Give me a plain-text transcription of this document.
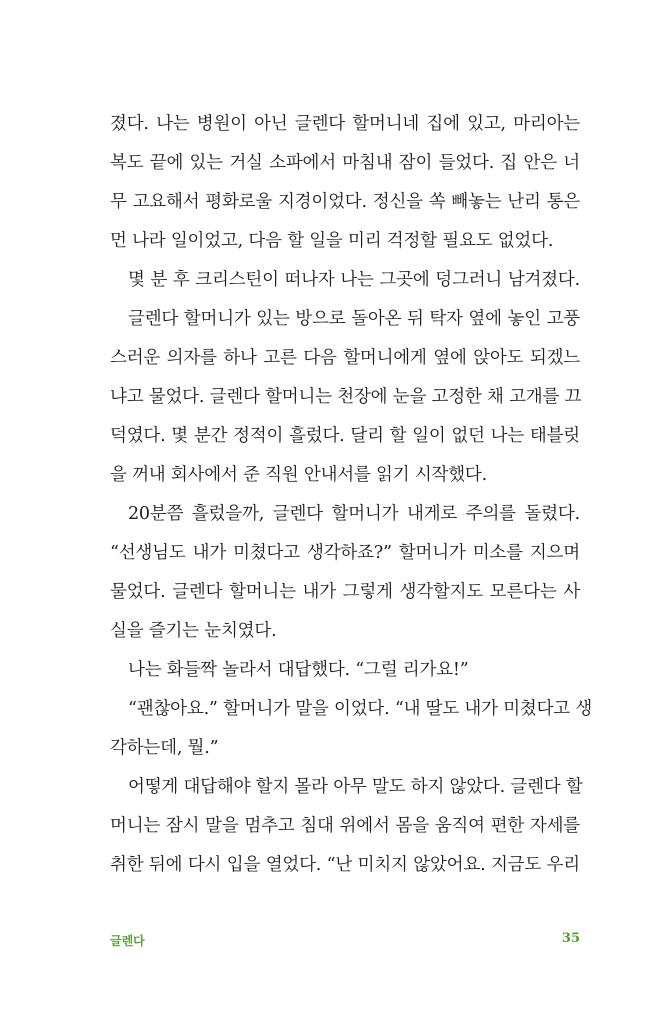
졌다. 나는 병원이 아닌 글렌다 할머니네 집에 있고, 마리아는
복도 끝에 있는 거실 소파에서 마침내 잠이 들었다. 집 안은 너
무 고요해서 평화로울 지경이었다. 정신을 쏙 빼놓는 난리 통은
먼 나라 일이었고, 다음 할 일을 미리 걱정할 필요도 없었다.
몇 분 후 크리스틴이 떠나자 나는 그곳에 덩그러니 남겨졌다.
글렌다 할머니가 있는 방으로 돌아온 뒤 탁자 옆에 놓인 고풍
스러운 의자를 하나 고른 다음 할머니에게 옆에 앉아도 되겠느
냐고 물었다. 글렌다 할머니는 천장에 눈을 고정한 채 고개를 끄
덕였다. 몇 분간 정적이 흘렀다. 달리 할 일이 없던 나는 태블릿
을 꺼내 회사에서 준 직원 안내서를 읽기 시작했다.
20분쯤 흘렀을까, 글렌다 할머니가 내게로 주의를 돌렸다.
“선생님도 내가 미쳤다고 생각하죠?” 할머니가 미소를 지으며
물었다. 글렌다 할머니는 내가 그렇게 생각할지도 모른다는 사
실을 즐기는 눈치였다.
나는 화들짝 놀라서 대답했다. “그럴 리가요!”
“괜찮아요.” 할머니가 말을 이었다. “내 딸도 내가 미쳤다고 생
각하는데, 뭘.”
어떻게 대답해야 할지 몰라 아무 말도 하지 않았다. 글렌다 할
머니는 잠시 말을 멈추고 침대 위에서 몸을 움직여 편한 자세를
취한 뒤에 다시 입을 열었다. “난 미치지 않았어요. 지금도 우리
글렌다	35
